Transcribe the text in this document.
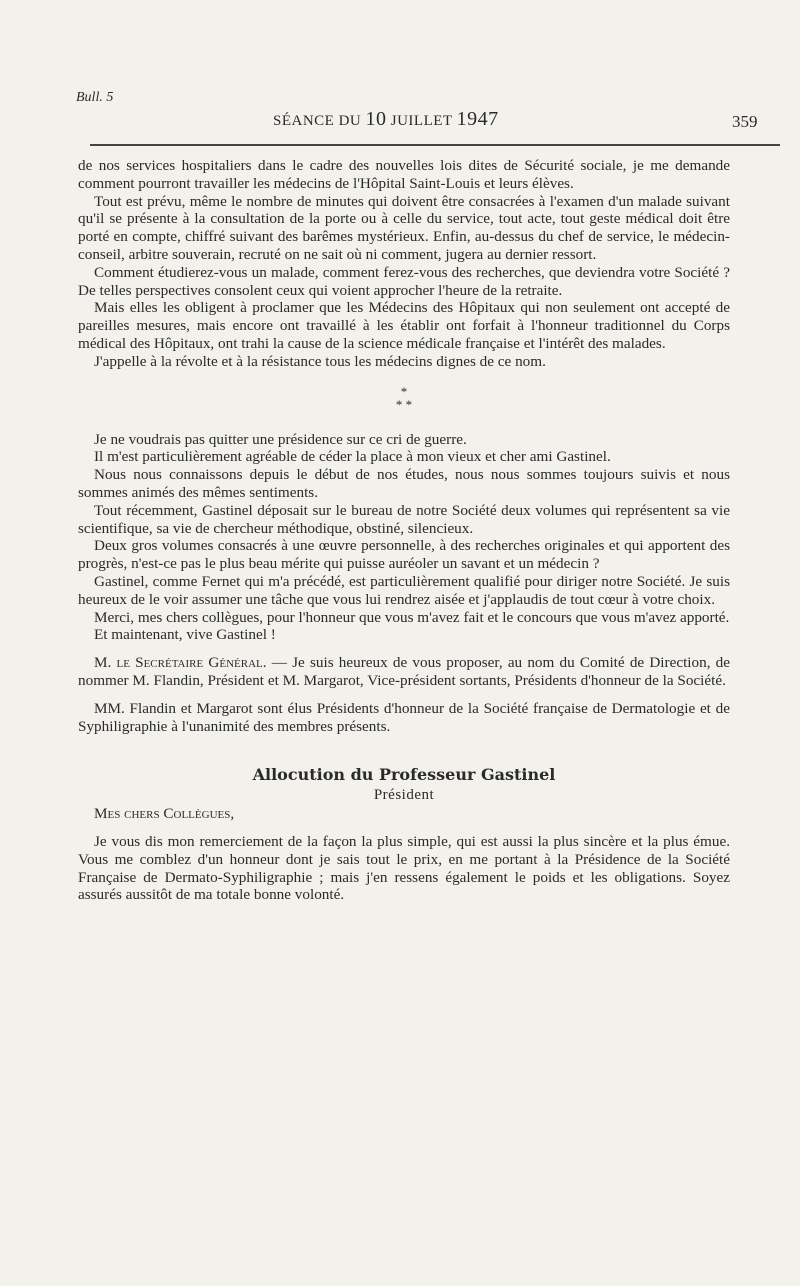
Bull. 5
SÉANCE DU 10 JUILLET 1947	359

de nos services hospitaliers dans le cadre des nouvelles lois dites de Sécurité sociale, je me demande comment pourront travailler les médecins de l'Hôpital Saint-Louis et leurs élèves.

Tout est prévu, même le nombre de minutes qui doivent être consacrées à l'examen d'un malade suivant qu'il se présente à la consultation de la porte ou à celle du service, tout acte, tout geste médical doit être porté en compte, chiffré suivant des barêmes mystérieux. Enfin, au-dessus du chef de service, le médecin-conseil, arbitre souverain, recruté on ne sait où ni comment, jugera au dernier ressort.

Comment étudierez-vous un malade, comment ferez-vous des recherches, que deviendra votre Société ? De telles perspectives consolent ceux qui voient approcher l'heure de la retraite.

Mais elles les obligent à proclamer que les Médecins des Hôpitaux qui non seulement ont accepté de pareilles mesures, mais encore ont travaillé à les établir ont forfait à l'honneur traditionnel du Corps médical des Hôpitaux, ont trahi la cause de la science médicale française et l'intérêt des malades.

J'appelle à la révolte et à la résistance tous les médecins dignes de ce nom.

*
* *

Je ne voudrais pas quitter une présidence sur ce cri de guerre.

Il m'est particulièrement agréable de céder la place à mon vieux et cher ami Gastinel.

Nous nous connaissons depuis le début de nos études, nous nous sommes toujours suivis et nous sommes animés des mêmes sentiments.

Tout récemment, Gastinel déposait sur le bureau de notre Société deux volumes qui représentent sa vie scientifique, sa vie de chercheur méthodique, obstiné, silencieux.

Deux gros volumes consacrés à une œuvre personnelle, à des recherches originales et qui apportent des progrès, n'est-ce pas le plus beau mérite qui puisse auréoler un savant et un médecin ?

Gastinel, comme Fernet qui m'a précédé, est particulièrement qualifié pour diriger notre Société. Je suis heureux de le voir assumer une tâche que vous lui rendrez aisée et j'applaudis de tout cœur à votre choix.

Merci, mes chers collègues, pour l'honneur que vous m'avez fait et le concours que vous m'avez apporté.

Et maintenant, vive Gastinel !

M. le Secrétaire Général. — Je suis heureux de vous proposer, au nom du Comité de Direction, de nommer M. Flandin, Président et M. Margarot, Vice-président sortants, Présidents d'honneur de la Société.

MM. Flandin et Margarot sont élus Présidents d'honneur de la Société française de Dermatologie et de Syphiligraphie à l'unanimité des membres présents.

Allocution du Professeur Gastinel
Président

Mes chers Collègues,

Je vous dis mon remerciement de la façon la plus simple, qui est aussi la plus sincère et la plus émue. Vous me comblez d'un honneur dont je sais tout le prix, en me portant à la Présidence de la Société Française de Dermato-Syphiligraphie ; mais j'en ressens également le poids et les obligations. Soyez assurés aussitôt de ma totale bonne volonté.
